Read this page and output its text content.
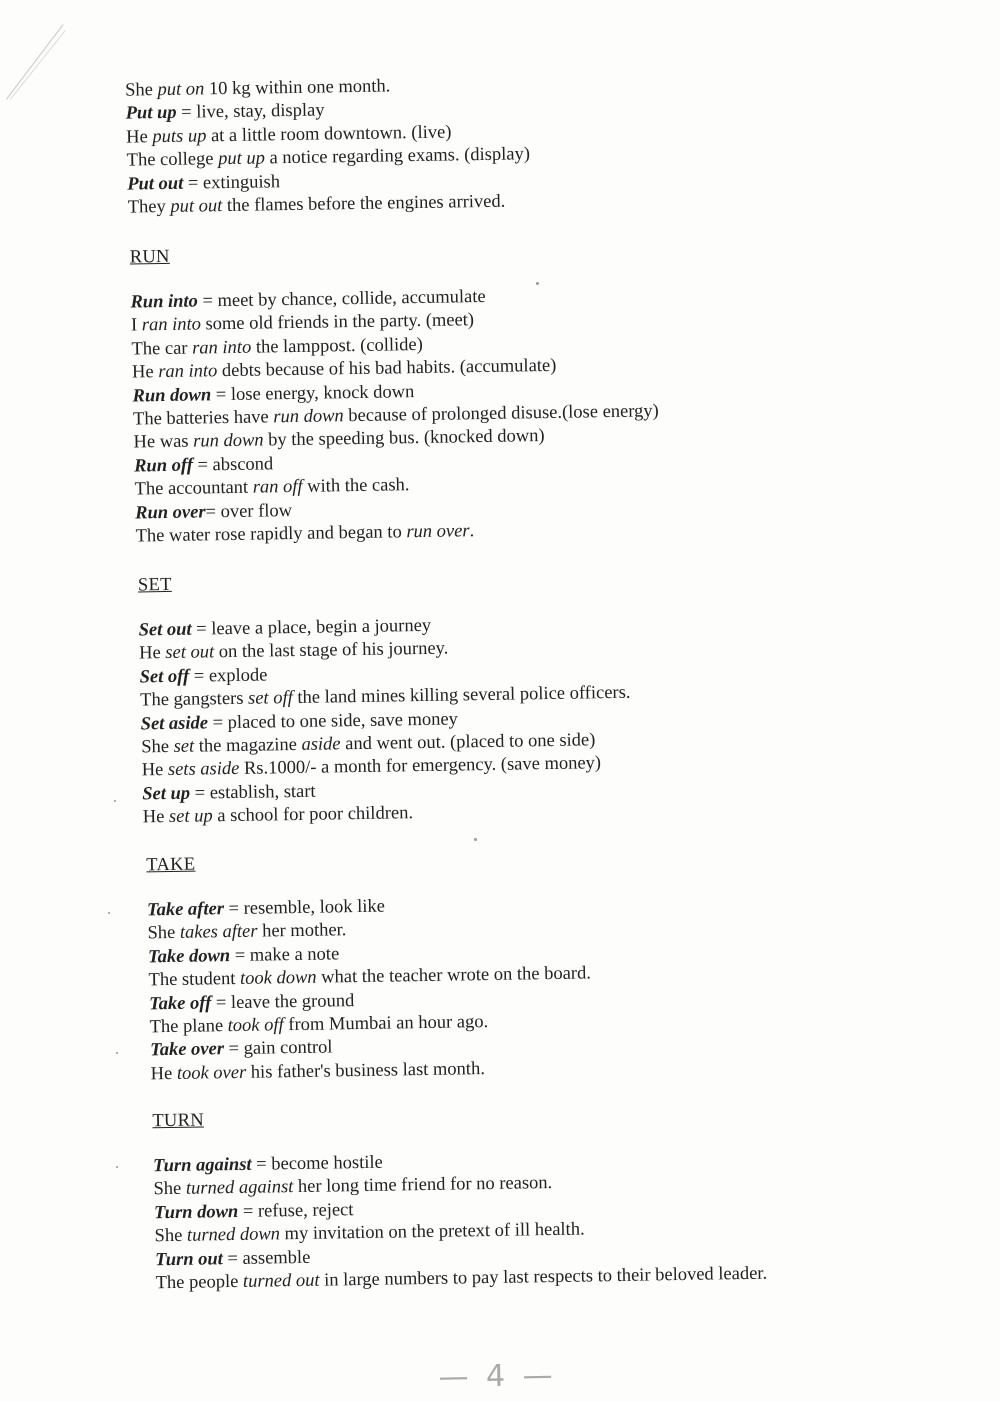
She put on 10 kg within one month.
Put up = live, stay, display
He puts up at a little room downtown. (live)
The college put up a notice regarding exams. (display)
Put out = extinguish
They put out the flames before the engines arrived.
RUN
Run into = meet by chance, collide, accumulate
I ran into some old friends in the party. (meet)
The car ran into the lamppost. (collide)
He ran into debts because of his bad habits. (accumulate)
Run down = lose energy, knock down
The batteries have run down because of prolonged disuse.(lose energy)
He was run down by the speeding bus. (knocked down)
Run off = abscond
The accountant ran off with the cash.
Run over= over flow
The water rose rapidly and began to run over.
SET
Set out = leave a place, begin a journey
He set out on the last stage of his journey.
Set off = explode
The gangsters set off the land mines killing several police officers.
Set aside = placed to one side, save money
She set the magazine aside and went out. (placed to one side)
He sets aside Rs.1000/- a month for emergency. (save money)
Set up = establish, start
He set up a school for poor children.
TAKE
Take after = resemble, look like
She takes after her mother.
Take down = make a note
The student took down what the teacher wrote on the board.
Take off = leave the ground
The plane took off from Mumbai an hour ago.
Take over = gain control
He took over his father's business last month.
TURN
Turn against = become hostile
She turned against her long time friend for no reason.
Turn down = refuse, reject
She turned down my invitation on the pretext of ill health.
Turn out = assemble
The people turned out in large numbers to pay last respects to their beloved leader.
— 4 —
